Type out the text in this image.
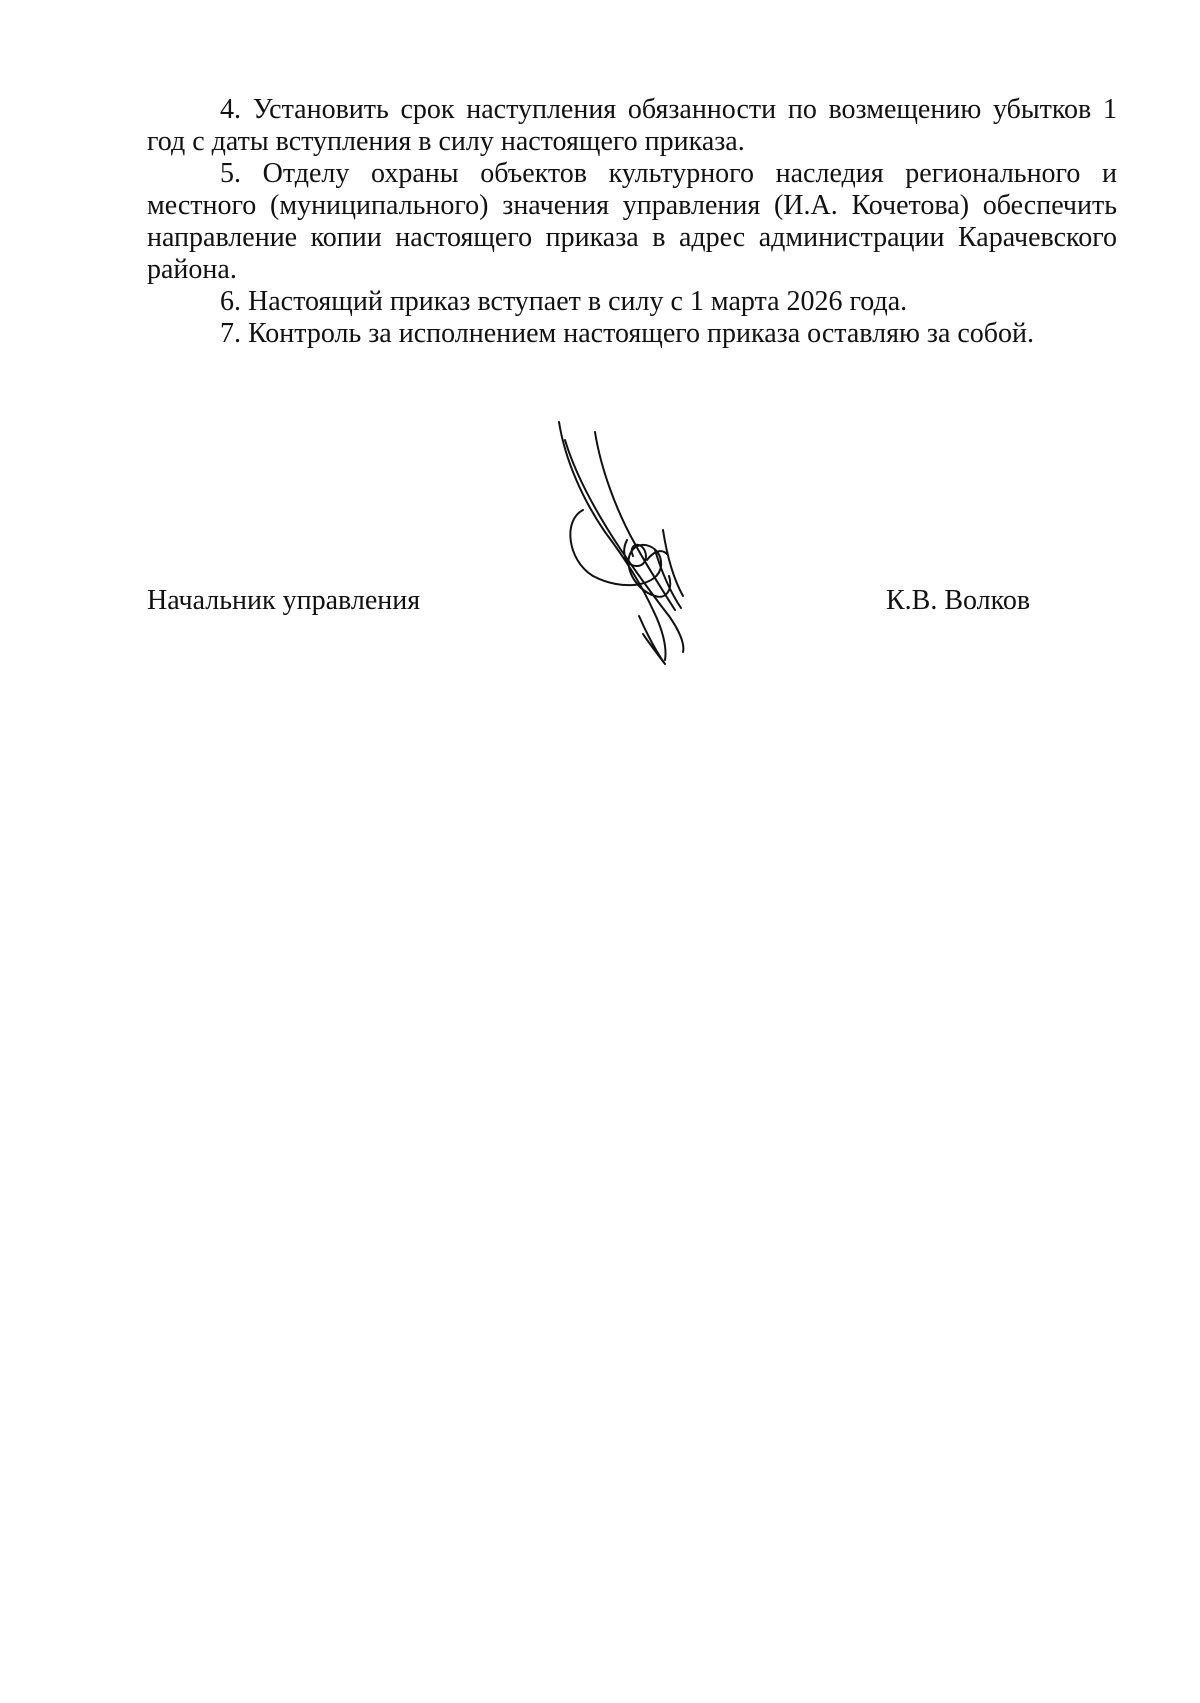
4. Установить срок наступления обязанности по возмещению убытков 1 год с даты вступления в силу настоящего приказа.

5. Отделу охраны объектов культурного наследия регионального и местного (муниципального) значения управления (И.А. Кочетова) обеспечить направление копии настоящего приказа в адрес администрации Карачевского района.

6. Настоящий приказ вступает в силу с 1 марта 2026 года.

7. Контроль за исполнением настоящего приказа оставляю за собой.

Начальник управления	К.В. Волков
